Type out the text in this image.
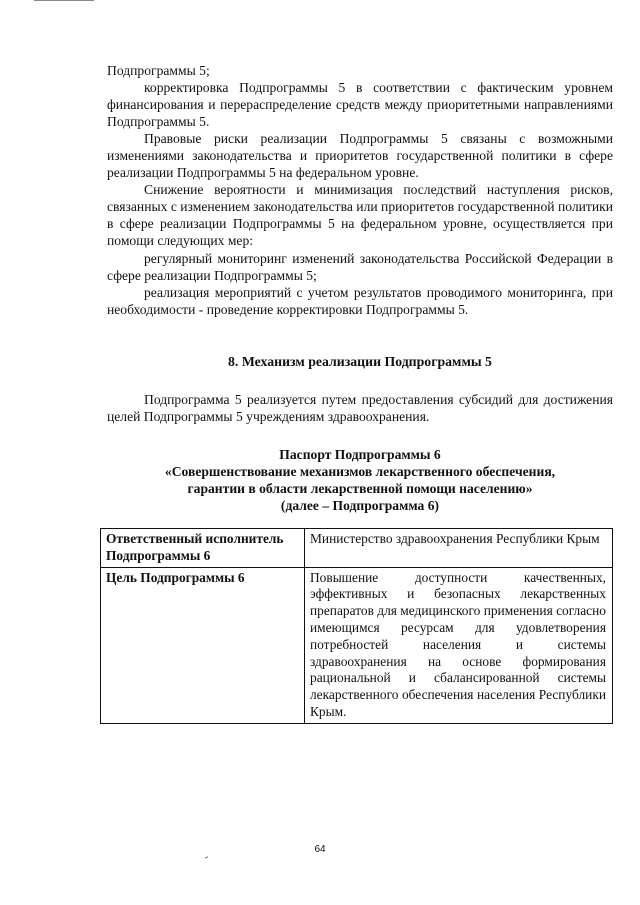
Подпрограммы 5;
корректировка Подпрограммы 5 в соответствии с фактическим уровнем финансирования и перераспределение средств между приоритетными направлениями Подпрограммы 5.
Правовые риски реализации Подпрограммы 5 связаны с возможными изменениями законодательства и приоритетов государственной политики в сфере реализации Подпрограммы 5 на федеральном уровне.
Снижение вероятности и минимизация последствий наступления рисков, связанных с изменением законодательства или приоритетов государственной политики в сфере реализации Подпрограммы 5 на федеральном уровне, осуществляется при помощи следующих мер:
регулярный мониторинг изменений законодательства Российской Федерации в сфере реализации Подпрограммы 5;
реализация мероприятий с учетом результатов проводимого мониторинга, при необходимости - проведение корректировки Подпрограммы 5.
8. Механизм реализации Подпрограммы 5
Подпрограмма 5 реализуется путем предоставления субсидий для достижения целей Подпрограммы 5 учреждениям здравоохранения.
Паспорт Подпрограммы 6
«Совершенствование механизмов лекарственного обеспечения,
гарантии в области лекарственной помощи населению»
(далее – Подпрограмма 6)
Ответственный исполнитель Подпрограммы 6	Министерство здравоохранения Республики Крым
Цель Подпрограммы 6	Повышение доступности качественных, эффективных и безопасных лекарственных препаратов для медицинского применения согласно имеющимся ресурсам для удовлетворения потребностей населения и системы здравоохранения на основе формирования рациональной и сбалансированной системы лекарственного обеспечения населения Республики Крым.
64
